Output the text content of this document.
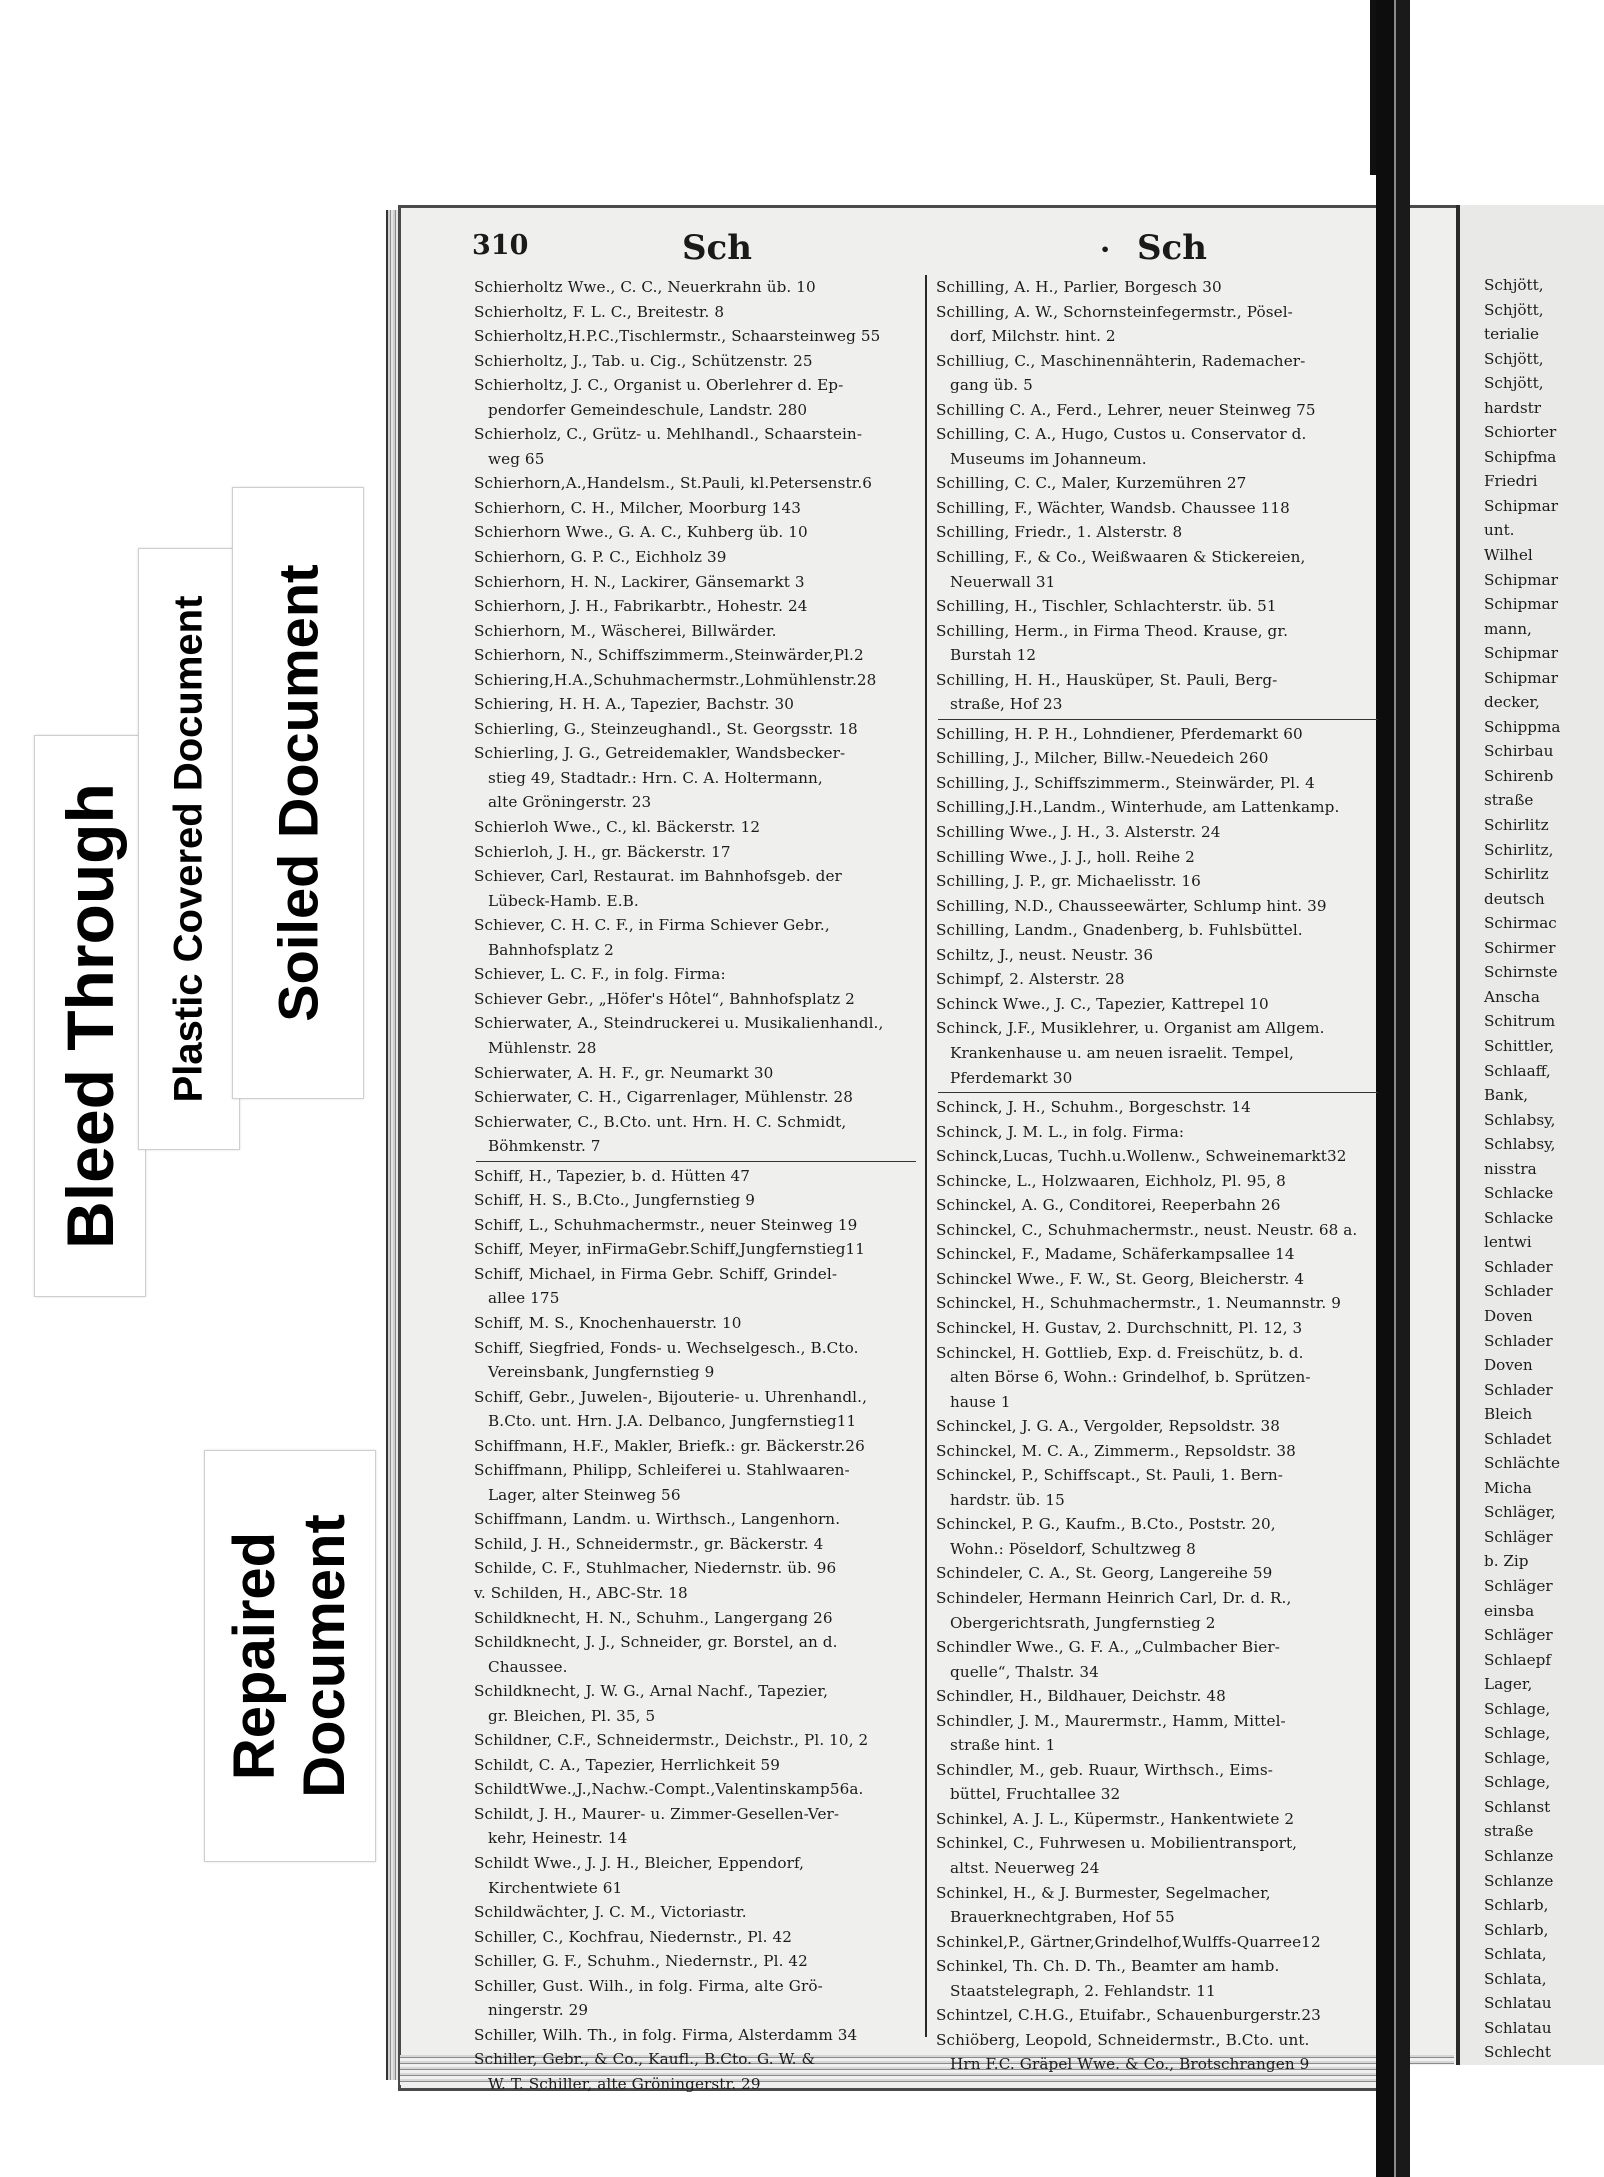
Schjött,
Schjött,
terialie
Schjött,
Schjött,
hardstr
Schiorter
Schipfma
Friedri
Schipmar
unt.
Wilhel
Schipmar
Schipmar
mann,
Schipmar
Schipmar
decker,
Schippma
Schirbau
Schirenb
straße
Schirlitz
Schirlitz,
Schirlitz
deutsch
Schirmac
Schirmer
Schirnste
Anscha
Schitrum
Schittler,
Schlaaff,
Bank,
Schlabsy,
Schlabsy,
nisstra
Schlacke
Schlacke
lentwi
Schlader
Schlader
Doven
Schlader
Doven
Schlader
Bleich
Schladet
Schlächte
Micha
Schläger,
Schläger
b. Zip
Schläger
einsba
Schläger
Schlaepf
Lager,
Schlage,
Schlage,
Schlage,
Schlage,
Schlanst
straße
Schlanze
Schlanze
Schlarb,
Schlarb,
Schlata,
Schlata,
Schlatau
Schlatau
Schlecht
310	Sch	• Sch
Schierholtz Wwe., C. C., Neuerkrahn üb. 10
Schierholtz, F. L. C., Breitestr. 8
Schierholtz,H.P.C.,Tischlermstr., Schaarsteinweg 55
Schierholtz, J., Tab. u. Cig., Schützenstr. 25
Schierholtz, J. C., Organist u. Oberlehrer d. Ep-
pendorfer Gemeindeschule, Landstr. 280
Schierholz, C., Grütz- u. Mehlhandl., Schaarstein-
weg 65
Schierhorn,A.,Handelsm., St.Pauli, kl.Petersenstr.6
Schierhorn, C. H., Milcher, Moorburg 143
Schierhorn Wwe., G. A. C., Kuhberg üb. 10
Schierhorn, G. P. C., Eichholz 39
Schierhorn, H. N., Lackirer, Gänsemarkt 3
Schierhorn, J. H., Fabrikarbtr., Hohestr. 24
Schierhorn, M., Wäscherei, Billwärder.
Schierhorn, N., Schiffszimmerm.,Steinwärder,Pl.2
Schiering,H.A.,Schuhmachermstr.,Lohmühlenstr.28
Schiering, H. H. A., Tapezier, Bachstr. 30
Schierling, G., Steinzeughandl., St. Georgsstr. 18
Schierling, J. G., Getreidemakler, Wandsbecker-
stieg 49, Stadtadr.: Hrn. C. A. Holtermann,
alte Gröningerstr. 23
Schierloh Wwe., C., kl. Bäckerstr. 12
Schierloh, J. H., gr. Bäckerstr. 17
Schiever, Carl, Restaurat. im Bahnhofsgeb. der
Lübeck-Hamb. E.B.
Schiever, C. H. C. F., in Firma Schiever Gebr.,
Bahnhofsplatz 2
Schiever, L. C. F., in folg. Firma:
Schiever Gebr., „Höfer's Hôtel“, Bahnhofsplatz 2
Schierwater, A., Steindruckerei u. Musikalienhandl.,
Mühlenstr. 28
Schierwater, A. H. F., gr. Neumarkt 30
Schierwater, C. H., Cigarrenlager, Mühlenstr. 28
Schierwater, C., B.Cto. unt. Hrn. H. C. Schmidt,
Böhmkenstr. 7
Schiff, H., Tapezier, b. d. Hütten 47
Schiff, H. S., B.Cto., Jungfernstieg 9
Schiff, L., Schuhmachermstr., neuer Steinweg 19
Schiff, Meyer, inFirmaGebr.Schiff,Jungfernstieg11
Schiff, Michael, in Firma Gebr. Schiff, Grindel-
allee 175
Schiff, M. S., Knochenhauerstr. 10
Schiff, Siegfried, Fonds- u. Wechselgesch., B.Cto.
Vereinsbank, Jungfernstieg 9
Schiff, Gebr., Juwelen-, Bijouterie- u. Uhrenhandl.,
B.Cto. unt. Hrn. J.A. Delbanco, Jungfernstieg11
Schiffmann, H.F., Makler, Briefk.: gr. Bäckerstr.26
Schiffmann, Philipp, Schleiferei u. Stahlwaaren-
Lager, alter Steinweg 56
Schiffmann, Landm. u. Wirthsch., Langenhorn.
Schild, J. H., Schneidermstr., gr. Bäckerstr. 4
Schilde, C. F., Stuhlmacher, Niedernstr. üb. 96
v. Schilden, H., ABC-Str. 18
Schildknecht, H. N., Schuhm., Langergang 26
Schildknecht, J. J., Schneider, gr. Borstel, an d.
Chaussee.
Schildknecht, J. W. G., Arnal Nachf., Tapezier,
gr. Bleichen, Pl. 35, 5
Schildner, C.F., Schneidermstr., Deichstr., Pl. 10, 2
Schildt, C. A., Tapezier, Herrlichkeit 59
SchildtWwe.,J.,Nachw.-Compt.,Valentinskamp56a.
Schildt, J. H., Maurer- u. Zimmer-Gesellen-Ver-
kehr, Heinestr. 14
Schildt Wwe., J. J. H., Bleicher, Eppendorf,
Kirchentwiete 61
Schildwächter, J. C. M., Victoriastr.
Schiller, C., Kochfrau, Niedernstr., Pl. 42
Schiller, G. F., Schuhm., Niedernstr., Pl. 42
Schiller, Gust. Wilh., in folg. Firma, alte Grö-
ningerstr. 29
Schiller, Wilh. Th., in folg. Firma, Alsterdamm 34
Schiller, Gebr., & Co., Kaufl., B.Cto. G. W. &
W. T. Schiller, alte Gröningerstr. 29
Schilling, A. H., Parlier, Borgesch 30
Schilling, A. W., Schornsteinfegermstr., Pösel-
dorf, Milchstr. hint. 2
Schilliug, C., Maschinennähterin, Rademacher-
gang üb. 5
Schilling C. A., Ferd., Lehrer, neuer Steinweg 75
Schilling, C. A., Hugo, Custos u. Conservator d.
Museums im Johanneum.
Schilling, C. C., Maler, Kurzemühren 27
Schilling, F., Wächter, Wandsb. Chaussee 118
Schilling, Friedr., 1. Alsterstr. 8
Schilling, F., & Co., Weißwaaren & Stickereien,
Neuerwall 31
Schilling, H., Tischler, Schlachterstr. üb. 51
Schilling, Herm., in Firma Theod. Krause, gr.
Burstah 12
Schilling, H. H., Hausküper, St. Pauli, Berg-
straße, Hof 23
Schilling, H. P. H., Lohndiener, Pferdemarkt 60
Schilling, J., Milcher, Billw.-Neuedeich 260
Schilling, J., Schiffszimmerm., Steinwärder, Pl. 4
Schilling,J.H.,Landm., Winterhude, am Lattenkamp.
Schilling Wwe., J. H., 3. Alsterstr. 24
Schilling Wwe., J. J., holl. Reihe 2
Schilling, J. P., gr. Michaelisstr. 16
Schilling, N.D., Chausseewärter, Schlump hint. 39
Schilling, Landm., Gnadenberg, b. Fuhlsbüttel.
Schiltz, J., neust. Neustr. 36
Schimpf, 2. Alsterstr. 28
Schinck Wwe., J. C., Tapezier, Kattrepel 10
Schinck, J.F., Musiklehrer, u. Organist am Allgem.
Krankenhause u. am neuen israelit. Tempel,
Pferdemarkt 30
Schinck, J. H., Schuhm., Borgeschstr. 14
Schinck, J. M. L., in folg. Firma:
Schinck,Lucas, Tuchh.u.Wollenw., Schweinemarkt32
Schincke, L., Holzwaaren, Eichholz, Pl. 95, 8
Schinckel, A. G., Conditorei, Reeperbahn 26
Schinckel, C., Schuhmachermstr., neust. Neustr. 68 a.
Schinckel, F., Madame, Schäferkampsallee 14
Schinckel Wwe., F. W., St. Georg, Bleicherstr. 4
Schinckel, H., Schuhmachermstr., 1. Neumannstr. 9
Schinckel, H. Gustav, 2. Durchschnitt, Pl. 12, 3
Schinckel, H. Gottlieb, Exp. d. Freischütz, b. d.
alten Börse 6, Wohn.: Grindelhof, b. Sprützen-
hause 1
Schinckel, J. G. A., Vergolder, Repsoldstr. 38
Schinckel, M. C. A., Zimmerm., Repsoldstr. 38
Schinckel, P., Schiffscapt., St. Pauli, 1. Bern-
hardstr. üb. 15
Schinckel, P. G., Kaufm., B.Cto., Poststr. 20,
Wohn.: Pöseldorf, Schultzweg 8
Schindeler, C. A., St. Georg, Langereihe 59
Schindeler, Hermann Heinrich Carl, Dr. d. R.,
Obergerichtsrath, Jungfernstieg 2
Schindler Wwe., G. F. A., „Culmbacher Bier-
quelle“, Thalstr. 34
Schindler, H., Bildhauer, Deichstr. 48
Schindler, J. M., Maurermstr., Hamm, Mittel-
straße hint. 1
Schindler, M., geb. Ruaur, Wirthsch., Eims-
büttel, Fruchtallee 32
Schinkel, A. J. L., Küpermstr., Hankentwiete 2
Schinkel, C., Fuhrwesen u. Mobilientransport,
altst. Neuerweg 24
Schinkel, H., & J. Burmester, Segelmacher,
Brauerknechtgraben, Hof 55
Schinkel,P., Gärtner,Grindelhof,Wulffs-Quarree12
Schinkel, Th. Ch. D. Th., Beamter am hamb.
Staatstelegraph, 2. Fehlandstr. 11
Schintzel, C.H.G., Etuifabr., Schauenburgerstr.23
Schiöberg, Leopold, Schneidermstr., B.Cto. unt.
Hrn F.C. Gräpel Wwe. & Co., Brotschrangen 9
Bleed Through Plastic Covered Document Soiled Document
Repaired Document
